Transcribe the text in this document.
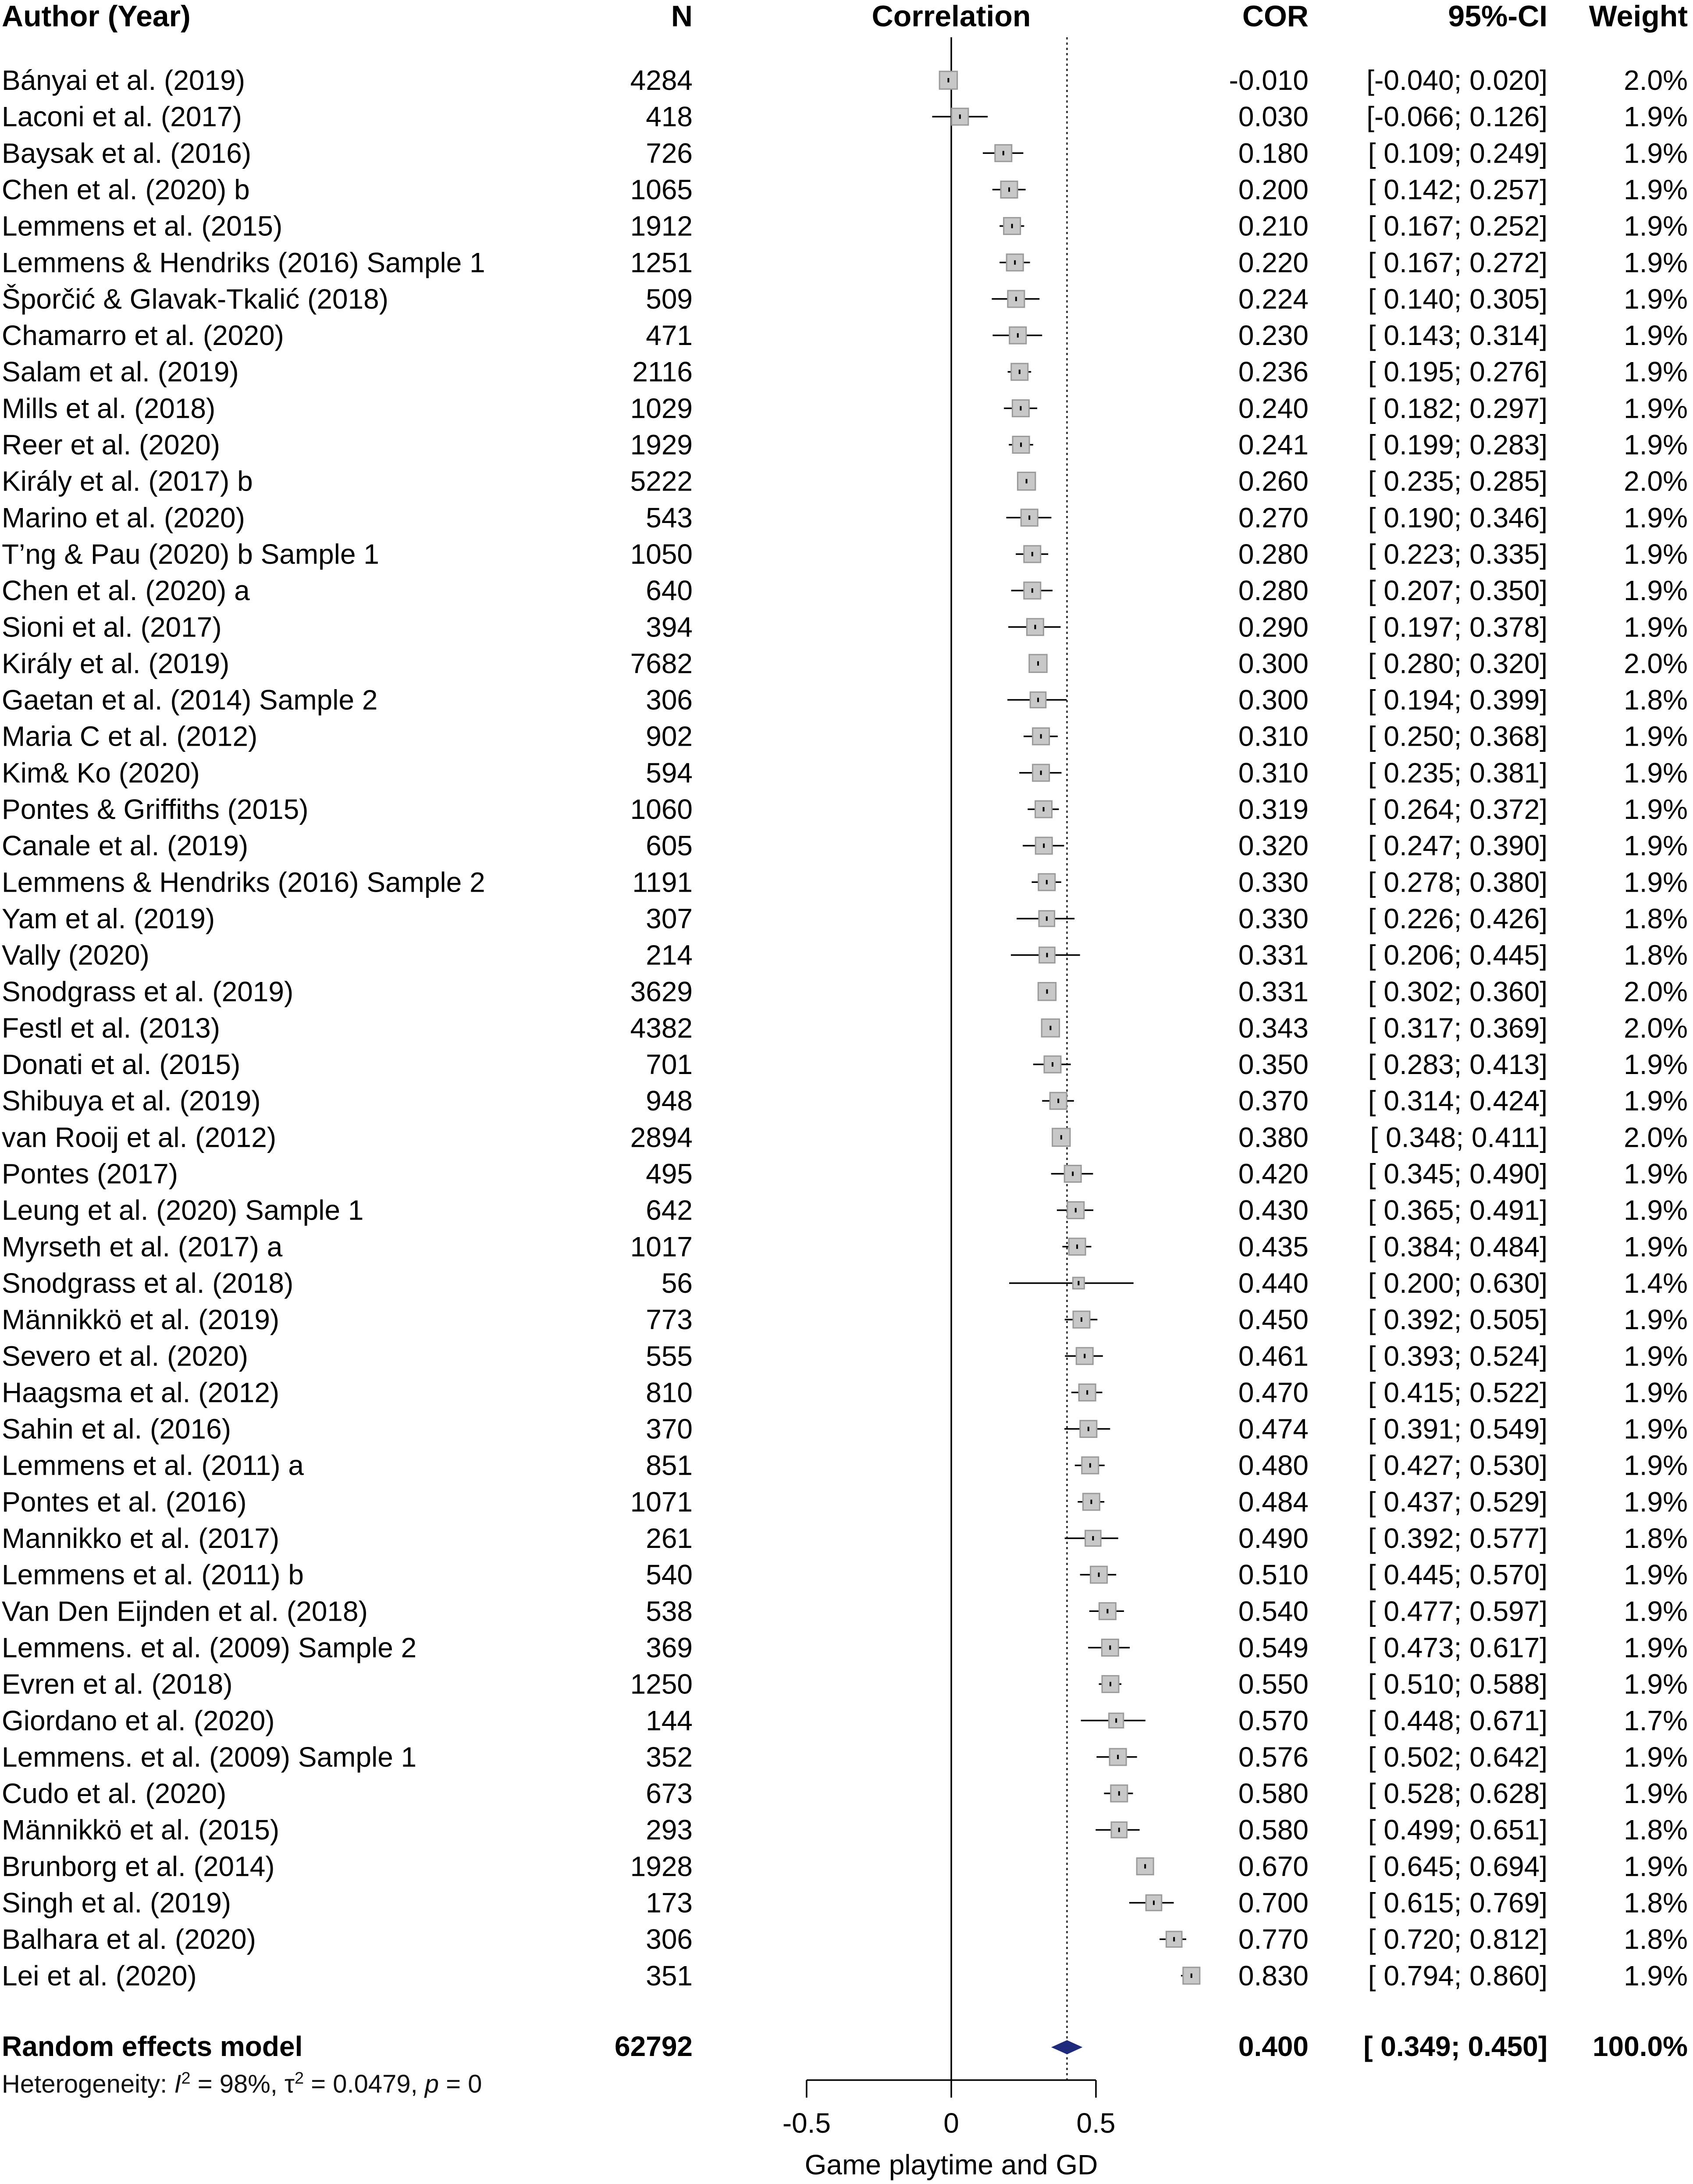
Author (Year)	N	Correlation	COR	95%-CI Weight
Bányai et al. (2019)	4284	-0.010 [-0.040; 0.020]	2.0%
Laconi et al. (2017)	418	0.030 [-0.066; 0.126]	1.9%
Baysak et al. (2016)	726	0.180 [ 0.109; 0.249]	1.9%
Chen et al. (2020) b	1065	0.200 [ 0.142; 0.257]	1.9%
Lemmens et al. (2015)	1912	0.210 [ 0.167; 0.252]	1.9%
Lemmens & Hendriks (2016) Sample 1	1251	0.220 [ 0.167; 0.272]	1.9%
Šporčić & Glavak-Tkalić (2018)	509	0.224 [ 0.140; 0.305]	1.9%
Chamarro et al. (2020)	471	0.230 [ 0.143; 0.314]	1.9%
Salam et al. (2019)	2116	0.236 [ 0.195; 0.276]	1.9%
Mills et al. (2018)	1029	0.240 [ 0.182; 0.297]	1.9%
Reer et al. (2020)	1929	0.241 [ 0.199; 0.283]	1.9%
Király et al. (2017) b	5222	0.260 [ 0.235; 0.285]	2.0%
Marino et al. (2020)	543	0.270 [ 0.190; 0.346]	1.9%
T’ng & Pau (2020) b Sample 1	1050	0.280 [ 0.223; 0.335]	1.9%
Chen et al. (2020) a	640	0.280 [ 0.207; 0.350]	1.9%
Sioni et al. (2017)	394	0.290 [ 0.197; 0.378]	1.9%
Király et al. (2019)	7682	0.300 [ 0.280; 0.320]	2.0%
Gaetan et al. (2014) Sample 2	306	0.300 [ 0.194; 0.399]	1.8%
Maria C et al. (2012)	902	0.310 [ 0.250; 0.368]	1.9%
Kim& Ko (2020)	594	0.310 [ 0.235; 0.381]	1.9%
Pontes & Griffiths (2015)	1060	0.319 [ 0.264; 0.372]	1.9%
Canale et al. (2019)	605	0.320 [ 0.247; 0.390]	1.9%
Lemmens & Hendriks (2016) Sample 2	1191	0.330 [ 0.278; 0.380]	1.9%
Yam et al. (2019)	307	0.330 [ 0.226; 0.426]	1.8%
Vally (2020)	214	0.331 [ 0.206; 0.445]	1.8%
Snodgrass et al. (2019)	3629	0.331 [ 0.302; 0.360]	2.0%
Festl et al. (2013)	4382	0.343 [ 0.317; 0.369]	2.0%
Donati et al. (2015)	701	0.350 [ 0.283; 0.413]	1.9%
Shibuya et al. (2019)	948	0.370 [ 0.314; 0.424]	1.9%
van Rooij et al. (2012)	2894	0.380 [ 0.348; 0.411]	2.0%
Pontes (2017)	495	0.420 [ 0.345; 0.490]	1.9%
Leung et al. (2020) Sample 1	642	0.430 [ 0.365; 0.491]	1.9%
Myrseth et al. (2017) a	1017	0.435 [ 0.384; 0.484]	1.9%
Snodgrass et al. (2018)	56	0.440 [ 0.200; 0.630]	1.4%
Männikkö et al. (2019)	773	0.450 [ 0.392; 0.505]	1.9%
Severo et al. (2020)	555	0.461 [ 0.393; 0.524]	1.9%
Haagsma et al. (2012)	810	0.470 [ 0.415; 0.522]	1.9%
Sahin et al. (2016)	370	0.474 [ 0.391; 0.549]	1.9%
Lemmens et al. (2011) a	851	0.480 [ 0.427; 0.530]	1.9%
Pontes et al. (2016)	1071	0.484 [ 0.437; 0.529]	1.9%
Mannikko et al. (2017)	261	0.490 [ 0.392; 0.577]	1.8%
Lemmens et al. (2011) b	540	0.510 [ 0.445; 0.570]	1.9%
Van Den Eijnden et al. (2018)	538	0.540 [ 0.477; 0.597]	1.9%
Lemmens. et al. (2009) Sample 2	369	0.549 [ 0.473; 0.617]	1.9%
Evren et al. (2018)	1250	0.550 [ 0.510; 0.588]	1.9%
Giordano et al. (2020)	144	0.570 [ 0.448; 0.671]	1.7%
Lemmens. et al. (2009) Sample 1	352	0.576 [ 0.502; 0.642]	1.9%
Cudo et al. (2020)	673	0.580 [ 0.528; 0.628]	1.9%
Männikkö et al. (2015)	293	0.580 [ 0.499; 0.651]	1.8%
Brunborg et al. (2014)	1928	0.670 [ 0.645; 0.694]	1.9%
Singh et al. (2019)	173	0.700 [ 0.615; 0.769]	1.8%
Balhara et al. (2020)	306	0.770 [ 0.720; 0.812]	1.8%
Lei et al. (2020)	351	0.830 [ 0.794; 0.860]	1.9%
-0.5	0	0.5
Game playtime and GD
Random effects model	62792	0.400 [ 0.349; 0.450] 100.0%
Heterogeneity: $I^2 = 98\%$, $\tau^2 = 0.0479$, p = 0
